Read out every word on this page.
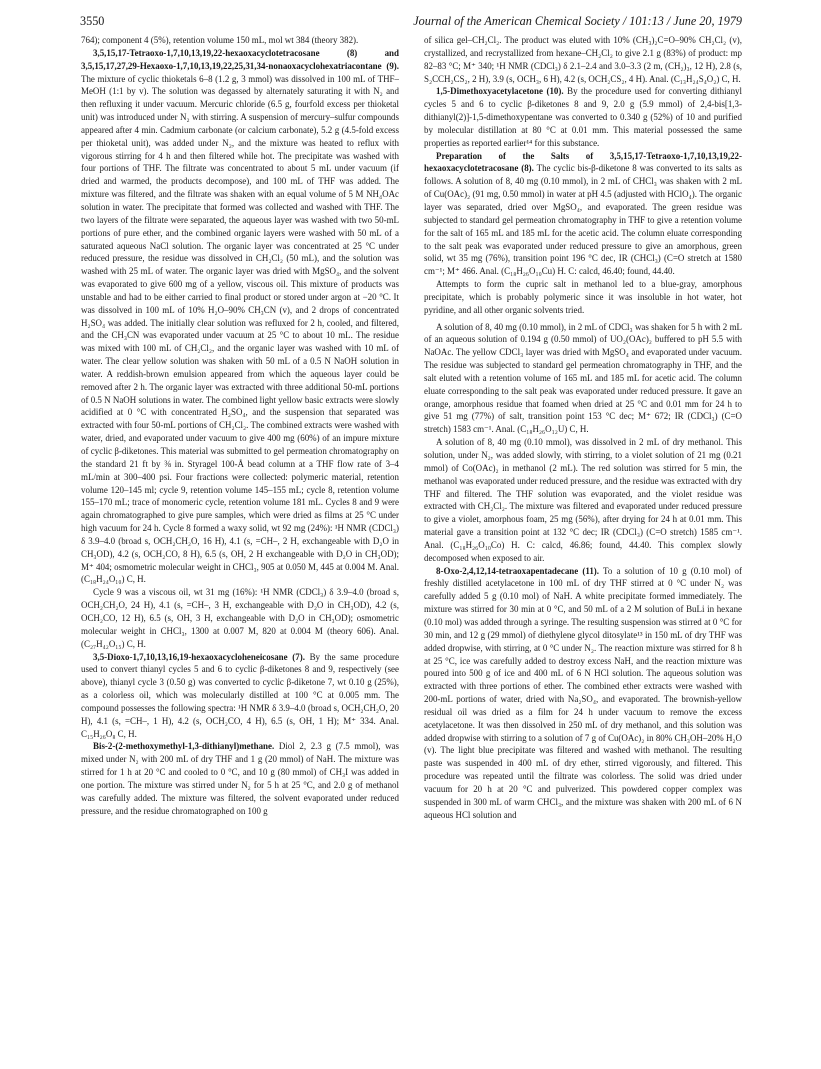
3550	Journal of the American Chemical Society / 101:13 / June 20, 1979

764); component 4 (5%), retention volume 150 mL, mol wt 384 (theory 382).

3,5,15,17-Tetraoxo-1,7,10,13,19,22-hexaoxacyclotetracosane (8) and 3,5,15,17,27,29-Hexaoxo-1,7,10,13,19,22,25,31,34-nonaoxacyclohexatriacontane (9). The mixture of cyclic thioketals 6–8 (1.2 g, 3 mmol) was dissolved in 100 mL of THF–MeOH (1:1 by v). The solution was degassed by alternately saturating it with N₂ and then refluxing it under vacuum. Mercuric chloride (6.5 g, fourfold excess per thioketal unit) was introduced under N₂ with stirring. A suspension of mercury–sulfur compounds appeared after 4 min. Cadmium carbonate (or calcium carbonate), 5.2 g (4.5-fold excess per thioketal unit), was added under N₂, and the mixture was heated to reflux with vigorous stirring for 4 h and then filtered while hot. The precipitate was washed with four portions of THF. The filtrate was concentrated to about 5 mL under vacuum (if dried and warmed, the products decompose), and 100 mL of THF was added. The mixture was filtered, and the filtrate was shaken with an equal volume of 5 M NH₄OAc solution in water. The precipitate that formed was collected and washed with THF. The two layers of the filtrate were separated, the aqueous layer was washed with two 50-mL portions of pure ether, and the combined organic layers were washed with 50 mL of a saturated aqueous NaCl solution. The organic layer was concentrated at 25 °C under reduced pressure, the residue was dissolved in CH₂Cl₂ (50 mL), and the solution was washed with 25 mL of water. The organic layer was dried with MgSO₄, and the solvent was evaporated to give 600 mg of a yellow, viscous oil. This mixture of products was unstable and had to be either carried to final product or stored under argon at −20 °C. It was dissolved in 100 mL of 10% H₂O–90% CH₃CN (v), and 2 drops of concentrated H₂SO₄ was added. The initially clear solution was refluxed for 2 h, cooled, and filtered, and the CH₃CN was evaporated under vacuum at 25 °C to about 10 mL. The residue was mixed with 100 mL of CH₂Cl₂, and the organic layer was washed with 10 mL of water. The clear yellow solution was shaken with 50 mL of a 0.5 N NaOH solution in water. A reddish-brown emulsion appeared from which the aqueous layer could be removed after 2 h. The organic layer was extracted with three additional 50-mL portions of 0.5 N NaOH solutions in water. The combined light yellow basic extracts were slowly acidified at 0 °C with concentrated H₂SO₄, and the suspension that separated was extracted with four 50-mL portions of CH₂Cl₂. The combined extracts were washed with water, dried, and evaporated under vacuum to give 400 mg (60%) of an impure mixture of cyclic β-diketones. This material was submitted to gel permeation chromatography on the standard 21 ft by ⅜ in. Styragel 100-Å bead column at a THF flow rate of 3–4 mL/min at 300–400 psi. Four fractions were collected: polymeric material, retention volume 120–145 ml; cycle 9, retention volume 145–155 mL; cycle 8, retention volume 155–170 mL; trace of monomeric cycle, retention volume 181 mL. Cycles 8 and 9 were again chromatographed to give pure samples, which were dried as films at 25 °C under high vacuum for 24 h. Cycle 8 formed a waxy solid, wt 92 mg (24%): ¹H NMR (CDCl₃) δ 3.9–4.0 (broad s, OCH₂CH₂O, 16 H), 4.1 (s, =CH–, 2 H, exchangeable with D₂O in CH₃OD), 4.2 (s, OCH₂CO, 8 H), 6.5 (s, OH, 2 H exchangeable with D₂O in CH₃OD); M⁺ 404; osmometric molecular weight in CHCl₃, 905 at 0.050 M, 445 at 0.004 M. Anal. (C₁₈H₂₄O₁₀) C, H.

Cycle 9 was a viscous oil, wt 31 mg (16%): ¹H NMR (CDCl₃) δ 3.9–4.0 (broad s, OCH₂CH₂O, 24 H), 4.1 (s, =CH–, 3 H, exchangeable with D₂O in CH₃OD), 4.2 (s, OCH₂CO, 12 H), 6.5 (s, OH, 3 H, exchangeable with D₂O in CH₃OD); osmometric molecular weight in CHCl₃, 1300 at 0.007 M, 820 at 0.004 M (theory 606). Anal. (C₂₇H₄₂O₁₅) C, H.

3,5-Dioxo-1,7,10,13,16,19-hexaoxacycloheneicosane (7). By the same procedure used to convert thianyl cycles 5 and 6 to cyclic β-diketones 8 and 9, respectively (see above), thianyl cycle 3 (0.50 g) was converted to cyclic β-diketone 7, wt 0.10 g (25%), as a colorless oil, which was molecularly distilled at 100 °C at 0.005 mm. The compound possesses the following spectra: ¹H NMR δ 3.9–4.0 (broad s, OCH₂CH₂O, 20 H), 4.1 (s, =CH–, 1 H), 4.2 (s, OCH₂CO, 4 H), 6.5 (s, OH, 1 H); M⁺ 334. Anal. C₁₅H₂₆O₈ C, H.

Bis-2-(2-methoxymethyl-1,3-dithianyl)methane. Diol 2, 2.3 g (7.5 mmol), was mixed under N₂ with 200 mL of dry THF and 1 g (20 mmol) of NaH. The mixture was stirred for 1 h at 20 °C and cooled to 0 °C, and 10 g (80 mmol) of CH₃I was added in one portion. The mixture was stirred under N₂ for 5 h at 25 °C, and 2.0 g of methanol was carefully added. The mixture was filtered, the solvent evaporated under reduced pressure, and the residue chromatographed on 100 g

of silica gel–CH₂Cl₂. The product was eluted with 10% (CH₃)₂C=O–90% CH₂Cl₂ (v), crystallized, and recrystallized from hexane–CH₂Cl₂ to give 2.1 g (83%) of product: mp 82–83 °C; M⁺ 340; ¹H NMR (CDCl₃) δ 2.1–2.4 and 3.0–3.3 (2 m, (CH₂)₃, 12 H), 2.8 (s, S₂CCH₂CS₂, 2 H), 3.9 (s, OCH₃, 6 H), 4.2 (s, OCH₂CS₂, 4 H). Anal. (C₁₃H₂₄S₄O₂) C, H.

1,5-Dimethoxyacetylacetone (10). By the procedure used for converting dithianyl cycles 5 and 6 to cyclic β-diketones 8 and 9, 2.0 g (5.9 mmol) of 2,4-bis[1,3-dithianyl(2)]-1,5-dimethoxypentane was converted to 0.340 g (52%) of 10 and purified by molecular distillation at 80 °C at 0.01 mm. This material possessed the same properties as reported earlier¹⁴ for this substance.

Preparation of the Salts of 3,5,15,17-Tetraoxo-1,7,10,13,19,22-hexaoxacyclotetracosane (8). The cyclic bis-β-diketone 8 was converted to its salts as follows. A solution of 8, 40 mg (0.10 mmol), in 2 mL of CHCl₃ was shaken with 2 mL of Cu(OAc)₂ (91 mg, 0.50 mmol) in water at pH 4.5 (adjusted with HClO₄). The organic layer was separated, dried over MgSO₄, and evaporated. The green residue was subjected to standard gel permeation chromatography in THF to give a retention volume for the salt of 165 mL and 185 mL for the acetic acid. The column eluate corresponding to the salt peak was evaporated under reduced pressure to give an amorphous, green solid, wt 35 mg (76%), transition point 196 °C dec, IR (CHCl₃) (C=O stretch at 1580 cm⁻¹; M⁺ 466. Anal. (C₁₈H₂₆O₁₀Cu) H. C: calcd, 46.40; found, 44.40.

Attempts to form the cupric salt in methanol led to a blue-gray, amorphous precipitate, which is probably polymeric since it was insoluble in hot water, hot pyridine, and all other organic solvents tried.

A solution of 8, 40 mg (0.10 mmol), in 2 mL of CDCl₃ was shaken for 5 h with 2 mL of an aqueous solution of 0.194 g (0.50 mmol) of UO₂(OAc)₂ buffered to pH 5.5 with NaOAc. The yellow CDCl₃ layer was dried with MgSO₄ and evaporated under vacuum. The residue was subjected to standard gel permeation chromatography in THF, and the salt eluted with a retention volume of 165 mL and 185 mL for acetic acid. The column eluate corresponding to the salt peak was evaporated under reduced pressure. It gave an orange, amorphous residue that foamed when dried at 25 °C and 0.01 mm for 24 h to give 51 mg (77%) of salt, transition point 153 °C dec; M⁺ 672; IR (CDCl₃) (C=O stretch) 1583 cm⁻¹. Anal. (C₁₈H₂₆O₁₂U) C, H.

A solution of 8, 40 mg (0.10 mmol), was dissolved in 2 mL of dry methanol. This solution, under N₂, was added slowly, with stirring, to a violet solution of 21 mg (0.21 mmol) of Co(OAc)₂ in methanol (2 mL). The red solution was stirred for 5 min, the methanol was evaporated under reduced pressure, and the residue was extracted with dry THF and filtered. The THF solution was evaporated, and the violet residue was extracted with CH₂Cl₂. The mixture was filtered and evaporated under reduced pressure to give a violet, amorphous foam, 25 mg (56%), after drying for 24 h at 0.01 mm. This material gave a transition point at 132 °C dec; IR (CDCl₃) (C=O stretch) 1585 cm⁻¹. Anal. (C₁₈H₂₆O₁₀Co) H. C: calcd, 46.86; found, 44.40. This complex slowly decomposed when exposed to air.

8-Oxo-2,4,12,14-tetraoxapentadecane (11). To a solution of 10 g (0.10 mol) of freshly distilled acetylacetone in 100 mL of dry THF stirred at 0 °C under N₂ was carefully added 5 g (0.10 mol) of NaH. A white precipitate formed immediately. The mixture was stirred for 30 min at 0 °C, and 50 mL of a 2 M solution of BuLi in hexane (0.10 mol) was added through a syringe. The resulting suspension was stirred at 0 °C for 30 min, and 12 g (29 mmol) of diethylene glycol ditosylate¹³ in 150 mL of dry THF was added dropwise, with stirring, at 0 °C under N₂. The reaction mixture was stirred for 8 h at 25 °C, ice was carefully added to destroy excess NaH, and the reaction mixture was poured into 500 g of ice and 400 mL of 6 N HCl solution. The aqueous solution was extracted with three portions of ether. The combined ether extracts were washed with 200-mL portions of water, dried with Na₂SO₄, and evaporated. The brownish-yellow residual oil was dried as a film for 24 h under vacuum to remove the excess acetylacetone. It was then dissolved in 250 mL of dry methanol, and this solution was added dropwise with stirring to a solution of 7 g of Cu(OAc)₂ in 80% CH₃OH–20% H₂O (v). The light blue precipitate was filtered and washed with methanol. The resulting paste was suspended in 400 mL of dry ether, stirred vigorously, and filtered. This procedure was repeated until the filtrate was colorless. The solid was dried under vacuum for 20 h at 20 °C and pulverized. This powdered copper complex was suspended in 300 mL of warm CHCl₃, and the mixture was shaken with 200 mL of 6 N aqueous HCl solution and
